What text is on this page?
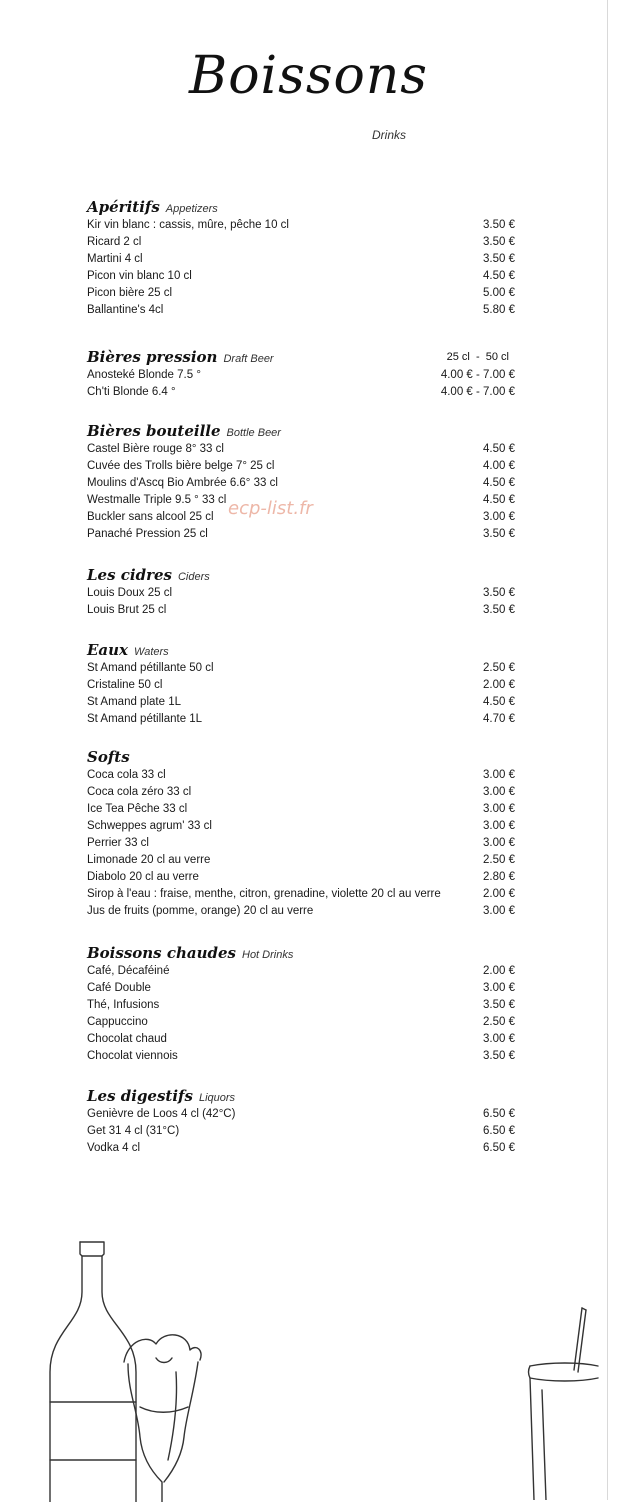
Boissons
Drinks
Apéritifs Appetizers
Kir vin blanc : cassis, mûre, pêche 10 cl	3.50 €
Ricard 2 cl	3.50 €
Martini 4 cl	3.50 €
Picon vin blanc 10 cl	4.50 €
Picon bière 25 cl	5.00 €
Ballantine's 4cl	5.80 €
Bières pression Draft Beer	25 cl  -  50 cl
Anosteké Blonde 7.5 °	4.00 € - 7.00 €
Ch'ti Blonde 6.4 °	4.00 € - 7.00 €
Bières bouteille Bottle Beer
Castel Bière rouge 8° 33 cl	4.50 €
Cuvée des Trolls bière belge 7° 25 cl	4.00 €
Moulins d'Ascq Bio Ambrée 6.6° 33 cl	4.50 €
Westmalle Triple 9.5 ° 33 cl	4.50 €
Buckler sans alcool 25 cl	3.00 €
Panaché Pression 25 cl	3.50 €
Les cidres Ciders
Louis Doux 25 cl	3.50 €
Louis Brut 25 cl	3.50 €
Eaux Waters
St Amand pétillante 50 cl	2.50 €
Cristaline 50 cl	2.00 €
St Amand plate 1L	4.50 €
St Amand pétillante 1L	4.70 €
Softs
Coca cola 33 cl	3.00 €
Coca cola zéro 33 cl	3.00 €
Ice Tea Pêche 33 cl	3.00 €
Schweppes agrum' 33 cl	3.00 €
Perrier 33 cl	3.00 €
Limonade 20 cl au verre	2.50 €
Diabolo 20 cl au verre	2.80 €
Sirop à l'eau : fraise, menthe, citron, grenadine, violette 20 cl au verre	2.00 €
Jus de fruits (pomme, orange) 20 cl au verre	3.00 €
Boissons chaudes Hot Drinks
Café, Décaféiné	2.00 €
Café Double	3.00 €
Thé, Infusions	3.50 €
Cappuccino	2.50 €
Chocolat chaud	3.00 €
Chocolat viennois	3.50 €
Les digestifs Liquors
Genièvre de Loos 4 cl (42°C)	6.50 €
Get 31 4 cl (31°C)	6.50 €
Vodka 4 cl	6.50 €
ecp-list.fr
